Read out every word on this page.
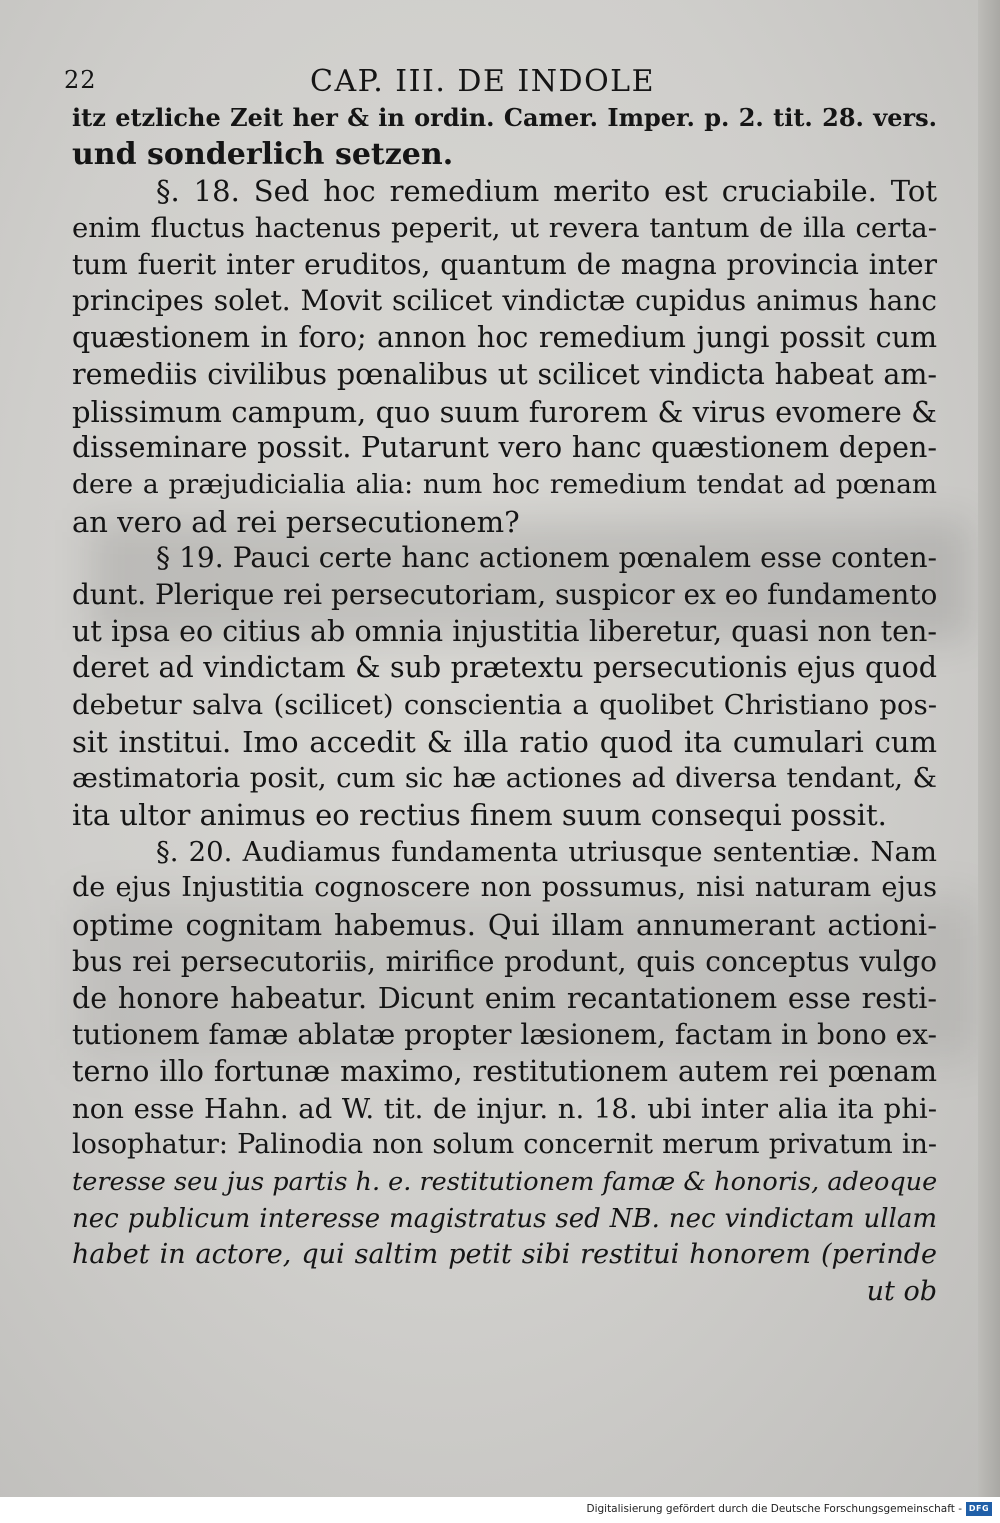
22	CAP. III. DE INDOLE
itz etzliche Zeit her & in ordin. Camer. Imper. p. 2. tit. 28. vers.
und sonderlich setzen.
§. 18. Sed hoc remedium merito est cruciabile. Tot
enim fluctus hactenus peperit, ut revera tantum de illa certa-
tum fuerit inter eruditos, quantum de magna provincia inter
principes solet. Movit scilicet vindictæ cupidus animus hanc
quæstionem in foro; annon hoc remedium jungi possit cum
remediis civilibus pœnalibus ut scilicet vindicta habeat am-
plissimum campum, quo suum furorem & virus evomere &
disseminare possit. Putarunt vero hanc quæstionem depen-
dere a præjudicialia alia: num hoc remedium tendat ad pœnam
an vero ad rei persecutionem?
§ 19. Pauci certe hanc actionem pœnalem esse conten-
dunt. Plerique rei persecutoriam, suspicor ex eo fundamento
ut ipsa eo citius ab omnia injustitia liberetur, quasi non ten-
deret ad vindictam & sub prætextu persecutionis ejus quod
debetur salva (scilicet) conscientia a quolibet Christiano pos-
sit institui. Imo accedit & illa ratio quod ita cumulari cum
æstimatoria posit, cum sic hæ actiones ad diversa tendant, &
ita ultor animus eo rectius finem suum consequi possit.
§. 20. Audiamus fundamenta utriusque sententiæ. Nam
de ejus Injustitia cognoscere non possumus, nisi naturam ejus
optime cognitam habemus. Qui illam annumerant actioni-
bus rei persecutoriis, mirifice produnt, quis conceptus vulgo
de honore habeatur. Dicunt enim recantationem esse resti-
tutionem famæ ablatæ propter læsionem, factam in bono ex-
terno illo fortunæ maximo, restitutionem autem rei pœnam
non esse Hahn. ad W. tit. de injur. n. 18. ubi inter alia ita phi-
losophatur: Palinodia non solum concernit merum privatum in-
teresse seu jus partis h. e. restitutionem famæ & honoris, adeoque
nec publicum interesse magistratus sed NB. nec vindictam ullam
habet in actore, qui saltim petit sibi restitui honorem (perinde
ut ob
Digitalisierung gefördert durch die Deutsche Forschungsgemeinschaft - DFG
